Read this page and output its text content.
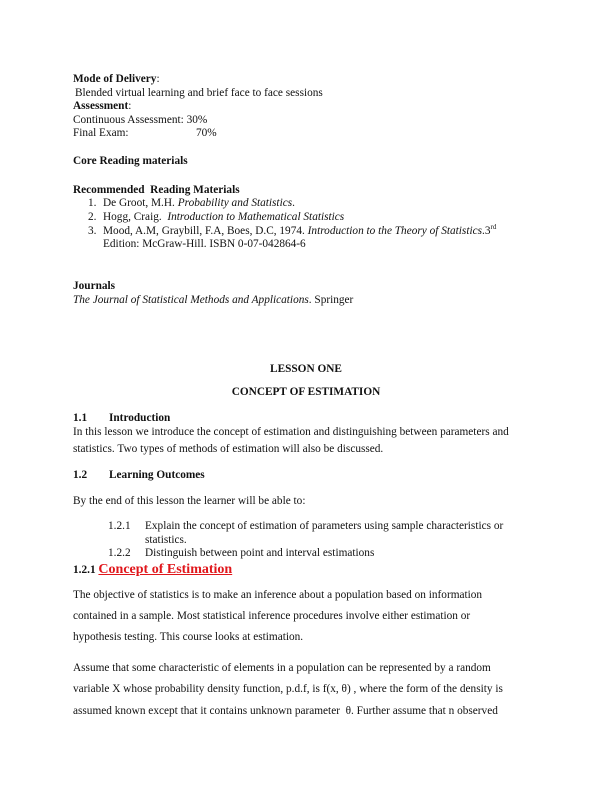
Mode of Delivery:
Blended virtual learning and brief face to face sessions
Assessment:
Continuous Assessment: 30%
Final Exam:	70%
Core Reading materials
Recommended  Reading Materials
1. De Groot, M.H. Probability and Statistics.
2. Hogg, Craig. Introduction to Mathematical Statistics
3. Mood, A.M, Graybill, F.A, Boes, D.C, 1974. Introduction to the Theory of Statistics.3rd
Edition: McGraw-Hill. ISBN 0-07-042864-6
Journals
The Journal of Statistical Methods and Applications. Springer
LESSON ONE
CONCEPT OF ESTIMATION
1.1 Introduction
In this lesson we introduce the concept of estimation and distinguishing between parameters and
statistics. Two types of methods of estimation will also be discussed.
1.2 Learning Outcomes
By the end of this lesson the learner will be able to:
1.2.1 Explain the concept of estimation of parameters using sample characteristics or
statistics.
1.2.2 Distinguish between point and interval estimations
1.2.1 Concept of Estimation
The objective of statistics is to make an inference about a population based on information
contained in a sample. Most statistical inference procedures involve either estimation or
hypothesis testing. This course looks at estimation.
Assume that some characteristic of elements in a population can be represented by a random
variable X whose probability density function, p.d.f, is f(x, θ) , where the form of the density is
assumed known except that it contains unknown parameter  θ. Further assume that n observed
